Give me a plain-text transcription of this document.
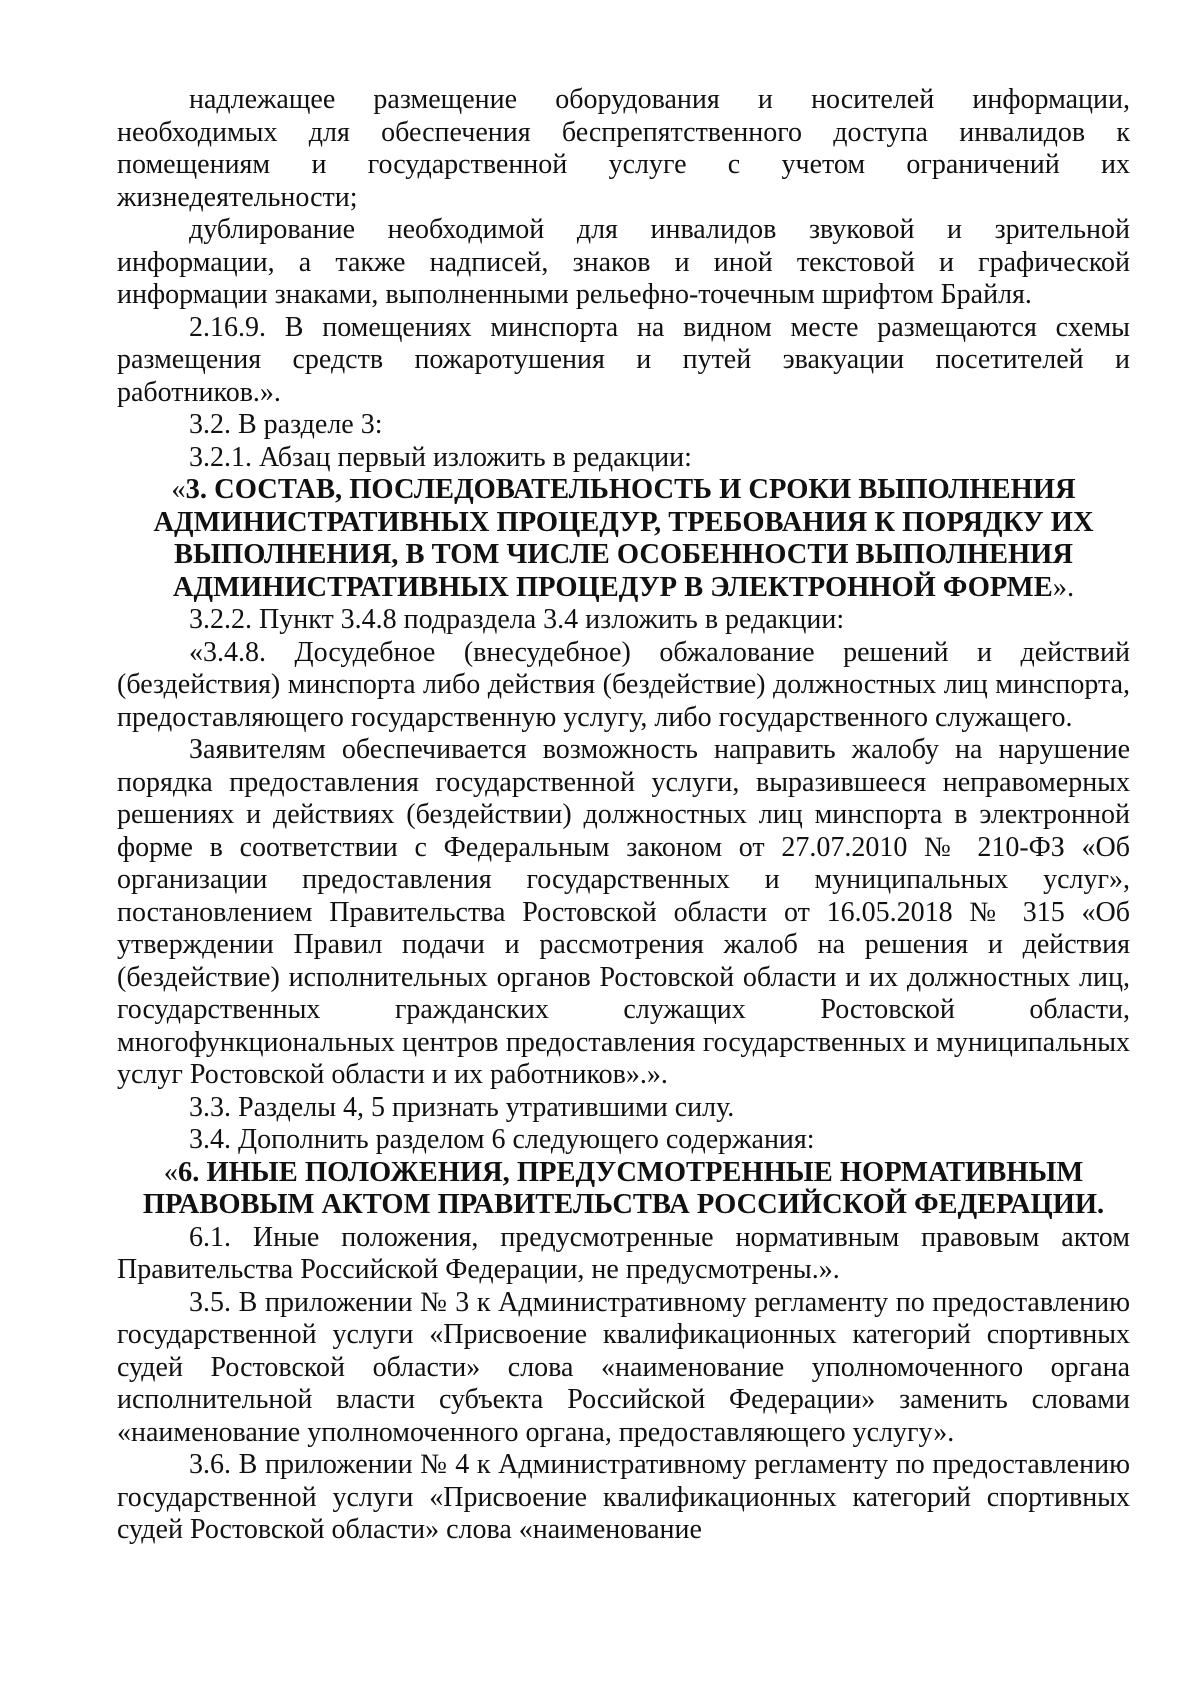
надлежащее размещение оборудования и носителей информации, необходимых для обеспечения беспрепятственного доступа инвалидов к помещениям и государственной услуге с учетом ограничений их жизнедеятельности;

дублирование необходимой для инвалидов звуковой и зрительной информации, а также надписей, знаков и иной текстовой и графической информации знаками, выполненными рельефно-точечным шрифтом Брайля.

2.16.9. В помещениях минспорта на видном месте размещаются схемы размещения средств пожаротушения и путей эвакуации посетителей и работников.».

3.2. В разделе 3:

3.2.1. Абзац первый изложить в редакции:

«3. СОСТАВ, ПОСЛЕДОВАТЕЛЬНОСТЬ И СРОКИ ВЫПОЛНЕНИЯ АДМИНИСТРАТИВНЫХ ПРОЦЕДУР, ТРЕБОВАНИЯ К ПОРЯДКУ ИХ ВЫПОЛНЕНИЯ, В ТОМ ЧИСЛЕ ОСОБЕННОСТИ ВЫПОЛНЕНИЯ АДМИНИСТРАТИВНЫХ ПРОЦЕДУР В ЭЛЕКТРОННОЙ ФОРМЕ».

3.2.2. Пункт 3.4.8 подраздела 3.4 изложить в редакции:

«3.4.8. Досудебное (внесудебное) обжалование решений и действий (бездействия) минспорта либо действия (бездействие) должностных лиц минспорта, предоставляющего государственную услугу, либо государственного служащего.

Заявителям обеспечивается возможность направить жалобу на нарушение порядка предоставления государственной услуги, выразившееся неправомерных решениях и действиях (бездействии) должностных лиц минспорта в электронной форме в соответствии с Федеральным законом от 27.07.2010 № 210-ФЗ «Об организации предоставления государственных и муниципальных услуг», постановлением Правительства Ростовской области от 16.05.2018 № 315 «Об утверждении Правил подачи и рассмотрения жалоб на решения и действия (бездействие) исполнительных органов Ростовской области и их должностных лиц, государственных гражданских служащих Ростовской области, многофункциональных центров предоставления государственных и муниципальных услуг Ростовской области и их работников».».

3.3. Разделы 4, 5 признать утратившими силу.

3.4. Дополнить разделом 6 следующего содержания:

«6. ИНЫЕ ПОЛОЖЕНИЯ, ПРЕДУСМОТРЕННЫЕ НОРМАТИВНЫМ ПРАВОВЫМ АКТОМ ПРАВИТЕЛЬСТВА РОССИЙСКОЙ ФЕДЕРАЦИИ.

6.1. Иные положения, предусмотренные нормативным правовым актом Правительства Российской Федерации, не предусмотрены.».

3.5. В приложении № 3 к Административному регламенту по предоставлению государственной услуги «Присвоение квалификационных категорий спортивных судей Ростовской области» слова «наименование уполномоченного органа исполнительной власти субъекта Российской Федерации» заменить словами «наименование уполномоченного органа, предоставляющего услугу».

3.6. В приложении № 4 к Административному регламенту по предоставлению государственной услуги «Присвоение квалификационных категорий спортивных судей Ростовской области» слова «наименование
